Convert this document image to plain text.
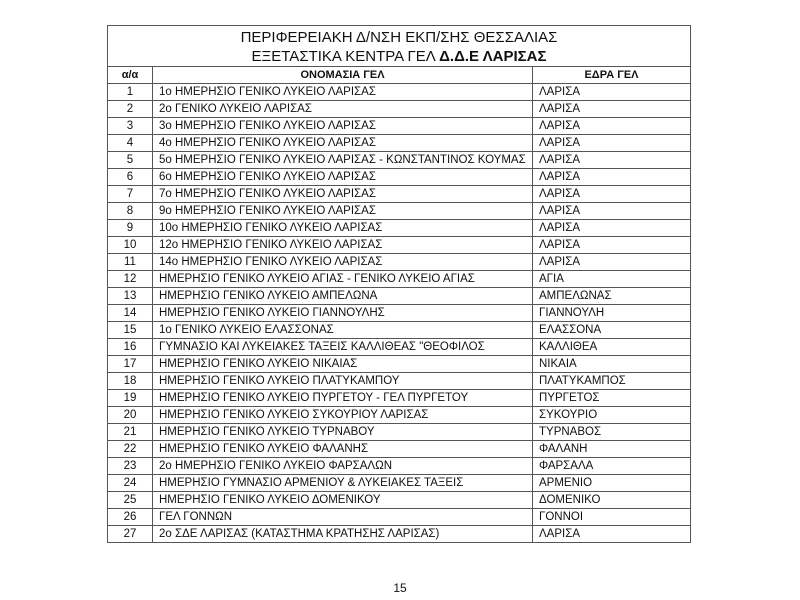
ΠΕΡΙΦΕΡΕΙΑΚΗ Δ/ΝΣΗ ΕΚΠ/ΣΗΣ ΘΕΣΣΑΛΙΑΣ
ΕΞΕΤΑΣΤΙΚΑ ΚΕΝΤΡΑ ΓΕΛ Δ.Δ.Ε ΛΑΡΙΣΑΣ		

α/α	ΟΝΟΜΑΣΙΑ ΓΕΛ	ΕΔΡΑ ΓΕΛ
1	1ο ΗΜΕΡΗΣΙΟ ΓΕΝΙΚΟ ΛΥΚΕΙΟ ΛΑΡΙΣΑΣ	ΛΑΡΙΣΑ
2	2ο ΓΕΝΙΚΟ ΛΥΚΕΙΟ ΛΑΡΙΣΑΣ	ΛΑΡΙΣΑ
3	3ο ΗΜΕΡΗΣΙΟ ΓΕΝΙΚΟ ΛΥΚΕΙΟ ΛΑΡΙΣΑΣ	ΛΑΡΙΣΑ
4	4ο ΗΜΕΡΗΣΙΟ ΓΕΝΙΚΟ ΛΥΚΕΙΟ ΛΑΡΙΣΑΣ	ΛΑΡΙΣΑ
5	5ο ΗΜΕΡΗΣΙΟ ΓΕΝΙΚΟ ΛΥΚΕΙΟ ΛΑΡΙΣΑΣ - ΚΩΝΣΤΑΝΤΙΝΟΣ ΚΟΥΜΑΣ	ΛΑΡΙΣΑ
6	6ο ΗΜΕΡΗΣΙΟ ΓΕΝΙΚΟ ΛΥΚΕΙΟ ΛΑΡΙΣΑΣ	ΛΑΡΙΣΑ
7	7ο ΗΜΕΡΗΣΙΟ ΓΕΝΙΚΟ ΛΥΚΕΙΟ ΛΑΡΙΣΑΣ	ΛΑΡΙΣΑ
8	9ο ΗΜΕΡΗΣΙΟ ΓΕΝΙΚΟ ΛΥΚΕΙΟ ΛΑΡΙΣΑΣ	ΛΑΡΙΣΑ
9	10ο ΗΜΕΡΗΣΙΟ ΓΕΝΙΚΟ ΛΥΚΕΙΟ ΛΑΡΙΣΑΣ	ΛΑΡΙΣΑ
10	12ο ΗΜΕΡΗΣΙΟ ΓΕΝΙΚΟ ΛΥΚΕΙΟ ΛΑΡΙΣΑΣ	ΛΑΡΙΣΑ
11	14ο ΗΜΕΡΗΣΙΟ ΓΕΝΙΚΟ ΛΥΚΕΙΟ ΛΑΡΙΣΑΣ	ΛΑΡΙΣΑ
12	ΗΜΕΡΗΣΙΟ ΓΕΝΙΚΟ ΛΥΚΕΙΟ ΑΓΙΑΣ - ΓΕΝΙΚΟ ΛΥΚΕΙΟ ΑΓΙΑΣ	ΑΓΙΑ
13	ΗΜΕΡΗΣΙΟ ΓΕΝΙΚΟ ΛΥΚΕΙΟ ΑΜΠΕΛΩΝΑ	ΑΜΠΕΛΩΝΑΣ
14	ΗΜΕΡΗΣΙΟ ΓΕΝΙΚΟ ΛΥΚΕΙΟ ΓΙΑΝΝΟΥΛΗΣ	ΓΙΑΝΝΟΥΛΗ
15	1ο ΓΕΝΙΚΟ ΛΥΚΕΙΟ ΕΛΑΣΣΟΝΑΣ	ΕΛΑΣΣΟΝΑ
16	ΓΥΜΝΑΣΙΟ ΚΑΙ ΛΥΚΕΙΑΚΕΣ ΤΑΞΕΙΣ ΚΑΛΛΙΘΕΑΣ "ΘΕΟΦΙΛΟΣ	ΚΑΛΛΙΘΕΑ
17	ΗΜΕΡΗΣΙΟ ΓΕΝΙΚΟ ΛΥΚΕΙΟ ΝΙΚΑΙΑΣ	ΝΙΚΑΙΑ
18	ΗΜΕΡΗΣΙΟ ΓΕΝΙΚΟ ΛΥΚΕΙΟ ΠΛΑΤΥΚΑΜΠΟΥ	ΠΛΑΤΥΚΑΜΠΟΣ
19	ΗΜΕΡΗΣΙΟ ΓΕΝΙΚΟ ΛΥΚΕΙΟ ΠΥΡΓΕΤΟΥ - ΓΕΛ ΠΥΡΓΕΤΟΥ	ΠΥΡΓΕΤΟΣ
20	ΗΜΕΡΗΣΙΟ ΓΕΝΙΚΟ ΛΥΚΕΙΟ ΣΥΚΟΥΡΙΟΥ ΛΑΡΙΣΑΣ	ΣΥΚΟΥΡΙΟ
21	ΗΜΕΡΗΣΙΟ ΓΕΝΙΚΟ ΛΥΚΕΙΟ ΤΥΡΝΑΒΟΥ	ΤΥΡΝΑΒΟΣ
22	ΗΜΕΡΗΣΙΟ ΓΕΝΙΚΟ ΛΥΚΕΙΟ ΦΑΛΑΝΗΣ	ΦΑΛΑΝΗ
23	2ο ΗΜΕΡΗΣΙΟ ΓΕΝΙΚΟ ΛΥΚΕΙΟ ΦΑΡΣΑΛΩΝ	ΦΑΡΣΑΛΑ
24	ΗΜΕΡΗΣΙΟ ΓΥΜΝΑΣΙΟ ΑΡΜΕΝΙΟΥ & ΛΥΚΕΙΑΚΕΣ ΤΑΞΕΙΣ	ΑΡΜΕΝΙΟ
25	ΗΜΕΡΗΣΙΟ ΓΕΝΙΚΟ ΛΥΚΕΙΟ ΔΟΜΕΝΙΚΟΥ	ΔΟΜΕΝΙΚΟ
26	ΓΕΛ ΓΟΝΝΩΝ	ΓΟΝΝΟΙ
27	2ο ΣΔΕ ΛΑΡΙΣΑΣ (ΚΑΤΑΣΤΗΜΑ ΚΡΑΤΗΣΗΣ ΛΑΡΙΣΑΣ)	ΛΑΡΙΣΑ
15
